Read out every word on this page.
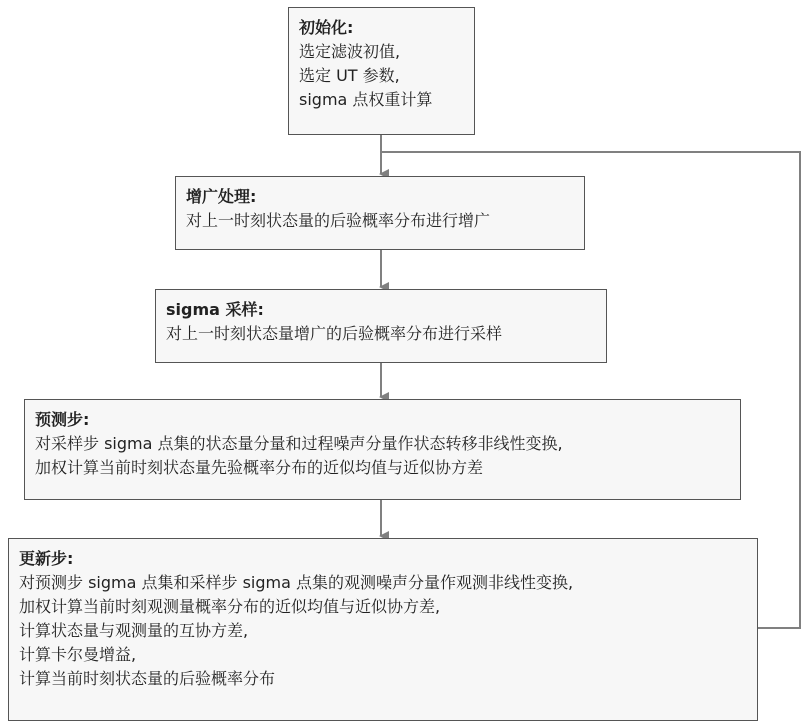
初始化:
选定滤波初值,
选定 UT 参数,
sigma 点权重计算
增广处理:
对上一时刻状态量的后验概率分布进行增广
sigma 采样:
对上一时刻状态量增广的后验概率分布进行采样
预测步:
对采样步 sigma 点集的状态量分量和过程噪声分量作状态转移非线性变换,
加权计算当前时刻状态量先验概率分布的近似均值与近似协方差
更新步:
对预测步 sigma 点集和采样步 sigma 点集的观测噪声分量作观测非线性变换,
加权计算当前时刻观测量概率分布的近似均值与近似协方差,
计算状态量与观测量的互协方差,
计算卡尔曼增益,
计算当前时刻状态量的后验概率分布
